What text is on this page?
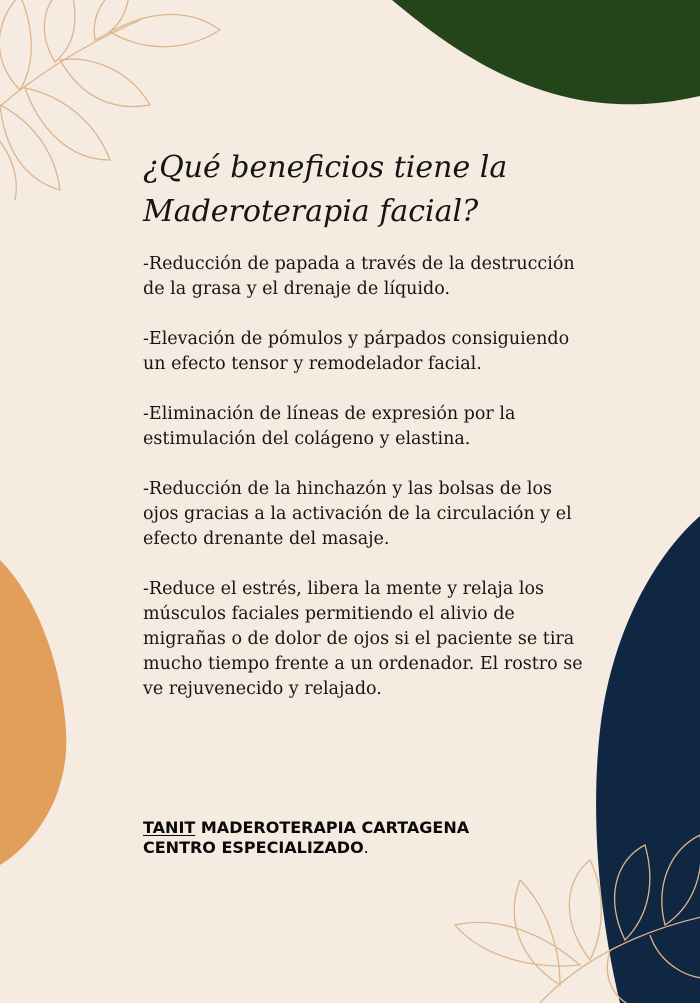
¿Qué beneficios tiene la Maderoterapia facial?

-Reducción de papada a través de la destrucción de la grasa y el drenaje de líquido.

-Elevación de pómulos y párpados consiguiendo un efecto tensor y remodelador facial.

-Eliminación de líneas de expresión por la estimulación del colágeno y elastina.

-Reducción de la hinchazón y las bolsas de los ojos gracias a la activación de la circulación y el efecto drenante del masaje.

-Reduce el estrés, libera la mente y relaja los músculos faciales permitiendo el alivio de migrañas o de dolor de ojos si el paciente se tira mucho tiempo frente a un ordenador. El rostro se ve rejuvenecido y relajado.

TANIT MADEROTERAPIA CARTAGENA
CENTRO ESPECIALIZADO.
